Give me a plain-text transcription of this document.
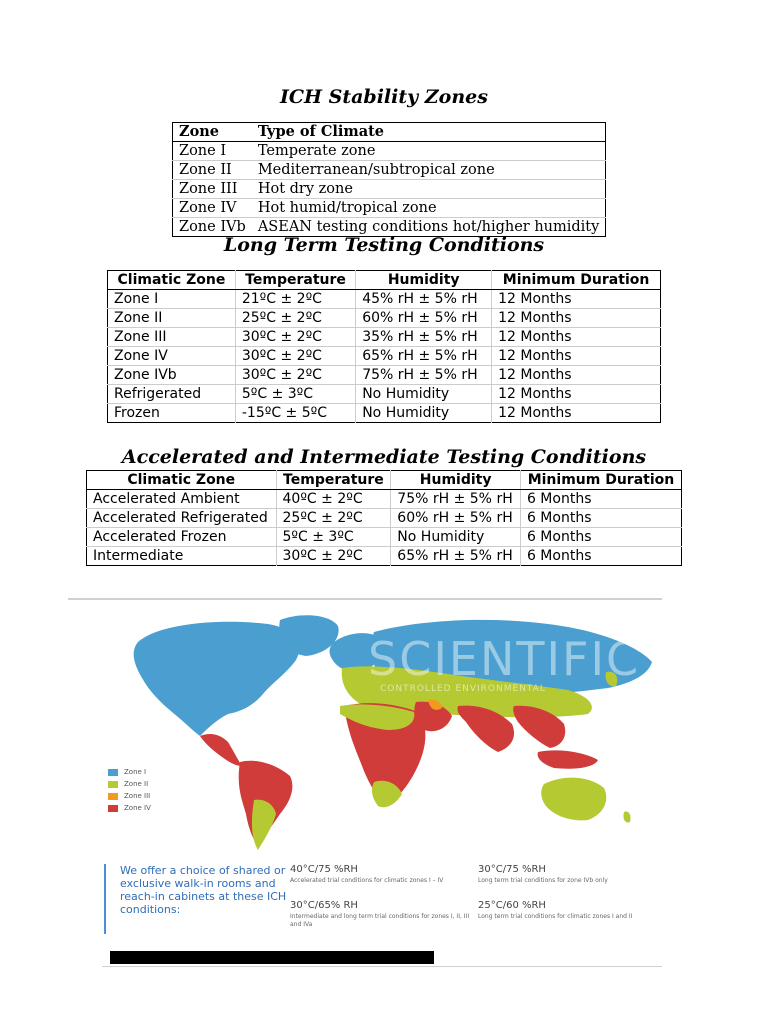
ICH Stability Zones
Zone	Type of Climate
Zone I	Temperate zone
Zone II	Mediterranean/subtropical zone
Zone III	Hot dry zone
Zone IV	Hot humid/tropical zone
Zone IVb	ASEAN testing conditions hot/higher humidity
Long Term Testing Conditions
Climatic Zone	Temperature	Humidity	Minimum Duration
Zone I	21ºC ± 2ºC	45% rH ± 5% rH	12 Months
Zone II	25ºC ± 2ºC	60% rH ± 5% rH	12 Months
Zone III	30ºC ± 2ºC	35% rH ± 5% rH	12 Months
Zone IV	30ºC ± 2ºC	65% rH ± 5% rH	12 Months
Zone IVb	30ºC ± 2ºC	75% rH ± 5% rH	12 Months
Refrigerated	5ºC ± 3ºC	No Humidity	12 Months
Frozen	-15ºC ± 5ºC	No Humidity	12 Months
Accelerated and Intermediate Testing Conditions
Climatic Zone	Temperature	Humidity	Minimum Duration
Accelerated Ambient	40ºC ± 2ºC	75% rH ± 5% rH	6 Months
Accelerated Refrigerated	25ºC ± 2ºC	60% rH ± 5% rH	6 Months
Accelerated Frozen	5ºC ± 3ºC	No Humidity	6 Months
Intermediate	30ºC ± 2ºC	65% rH ± 5% rH	6 Months
SCIENTIFIC
CONTROLLED ENVIRONMENTAL
Zone I
Zone II
Zone III
Zone IV
We offer a choice of shared or exclusive walk-in rooms and reach-in cabinets at these ICH conditions:
40°C/75 %RH
Accelerated trial conditions for climatic zones I – IV
30°C/75 %RH
Long term trial conditions for zone IVb only
30°C/65% RH
Intermediate and long term trial conditions for zones I, II, III and IVa
25°C/60 %RH
Long term trial conditions for climatic zones I and II
